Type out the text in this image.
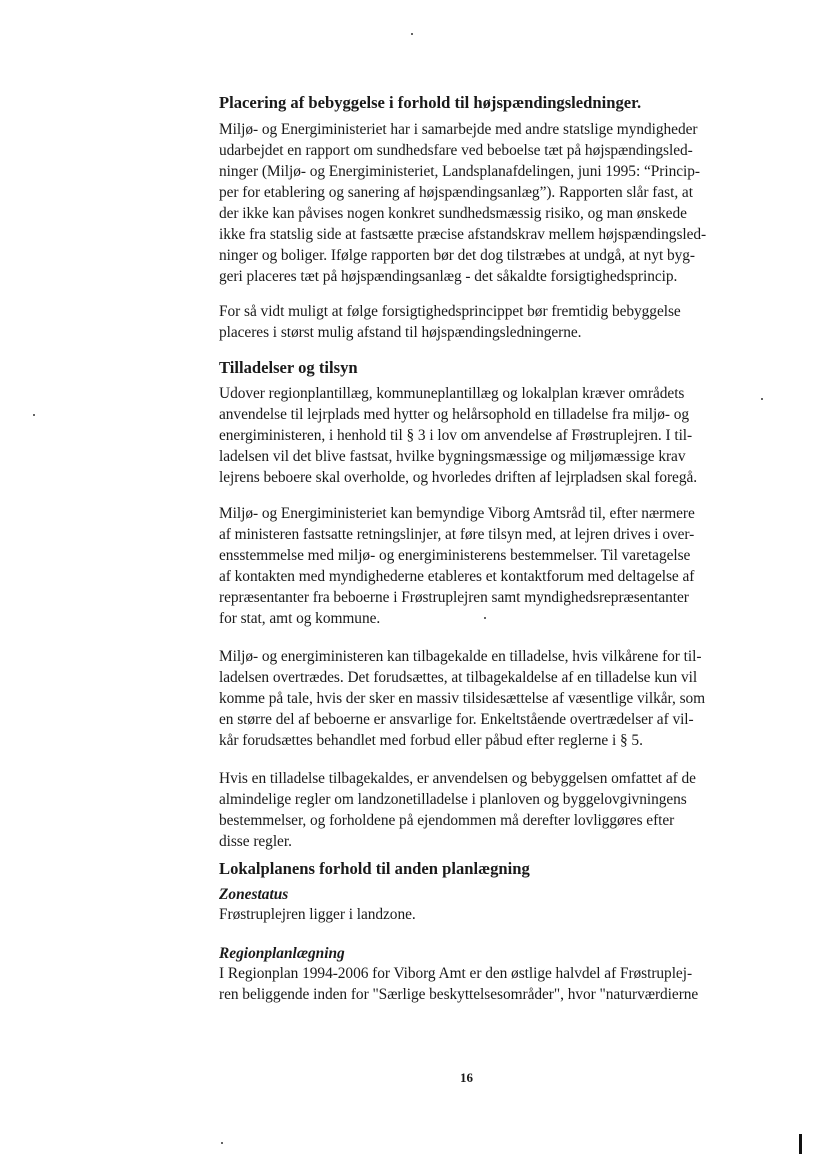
Placering af bebyggelse i forhold til højspændingsledninger.
Miljø- og Energiministeriet har i samarbejde med andre statslige myndigheder
udarbejdet en rapport om sundhedsfare ved beboelse tæt på højspændingsled-
ninger (Miljø- og Energiministeriet, Landsplanafdelingen, juni 1995: “Princip-
per for etablering og sanering af højspændingsanlæg”). Rapporten slår fast, at
der ikke kan påvises nogen konkret sundhedsmæssig risiko, og man ønskede
ikke fra statslig side at fastsætte præcise afstandskrav mellem højspændingsled-
ninger og boliger. Ifølge rapporten bør det dog tilstræbes at undgå, at nyt byg-
geri placeres tæt på højspændingsanlæg - det såkaldte forsigtighedsprincip.
For så vidt muligt at følge forsigtighedsprincippet bør fremtidig bebyggelse
placeres i størst mulig afstand til højspændingsledningerne.
Tilladelser og tilsyn
Udover regionplantillæg, kommuneplantillæg og lokalplan kræver områdets
anvendelse til lejrplads med hytter og helårsophold en tilladelse fra miljø- og
energiministeren, i henhold til § 3 i lov om anvendelse af Frøstruplejren. I til-
ladelsen vil det blive fastsat, hvilke bygningsmæssige og miljømæssige krav
lejrens beboere skal overholde, og hvorledes driften af lejrpladsen skal foregå.
Miljø- og Energiministeriet kan bemyndige Viborg Amtsråd til, efter nærmere
af ministeren fastsatte retningslinjer, at føre tilsyn med, at lejren drives i over-
ensstemmelse med miljø- og energiministerens bestemmelser. Til varetagelse
af kontakten med myndighederne etableres et kontaktforum med deltagelse af
repræsentanter fra beboerne i Frøstruplejren samt myndighedsrepræsentanter
for stat, amt og kommune.
Miljø- og energiministeren kan tilbagekalde en tilladelse, hvis vilkårene for til-
ladelsen overtrædes. Det forudsættes, at tilbagekaldelse af en tilladelse kun vil
komme på tale, hvis der sker en massiv tilsidesættelse af væsentlige vilkår, som
en større del af beboerne er ansvarlige for. Enkeltstående overtrædelser af vil-
kår forudsættes behandlet med forbud eller påbud efter reglerne i § 5.
Hvis en tilladelse tilbagekaldes, er anvendelsen og bebyggelsen omfattet af de
almindelige regler om landzonetilladelse i planloven og byggelovgivningens
bestemmelser, og forholdene på ejendommen må derefter lovliggøres efter
disse regler.
Lokalplanens forhold til anden planlægning
Zonestatus
Frøstruplejren ligger i landzone.
Regionplanlægning
I Regionplan 1994-2006 for Viborg Amt er den østlige halvdel af Frøstruplej-
ren beliggende inden for "Særlige beskyttelsesområder", hvor "naturværdierne
16
